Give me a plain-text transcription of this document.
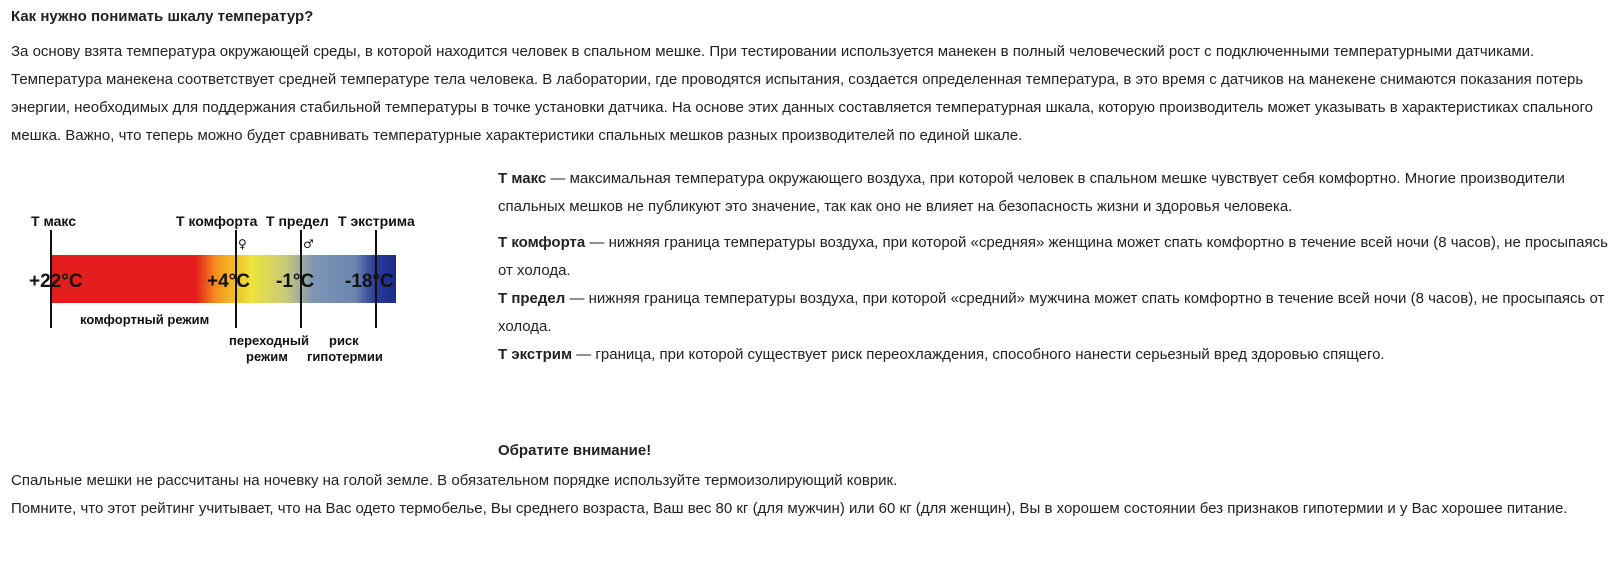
Как нужно понимать шкалу температур?

За основу взята температура окружающей среды, в которой находится человек в спальном мешке. При тестировании используется манекен в полный человеческий рост с подключенными температурными датчиками. Температура манекена соответствует средней температуре тела человека. В лаборатории, где проводятся испытания, создается определенная температура, в это время с датчиков на манекене снимаются показания потерь энергии, необходимых для поддержания стабильной температуры в точке установки датчика. На основе этих данных составляется температурная шкала, которую производитель может указывать в характеристиках спального мешка. Важно, что теперь можно будет сравнивать температурные характеристики спальных мешков разных производителей по единой шкале.

Т макс	Т комфорта Т предел Т экстрима
♀	♂
+22°C	+4°C -1°C -18°C
комфортный режим
переходный
режим
риск
гипотермии

Т макс — максимальная температура окружающего воздуха, при которой человек в спальном мешке чувствует себя комфортно. Многие производители спальных мешков не публикуют это значение, так как оно не влияет на безопасность жизни и здоровья человека.

Т комфорта — нижняя граница температуры воздуха, при которой «средняя» женщина может спать комфортно в течение всей ночи (8 часов), не просыпаясь от холода.

Т предел — нижняя граница температуры воздуха, при которой «средний» мужчина может спать комфортно в течение всей ночи (8 часов), не просыпаясь от холода.

Т экстрим — граница, при которой существует риск переохлаждения, способного нанести серьезный вред здоровью спящего.

Обратите внимание!

Спальные мешки не рассчитаны на ночевку на голой земле. В обязательном порядке используйте термоизолирующий коврик.

Помните, что этот рейтинг учитывает, что на Вас одето термобелье, Вы среднего возраста, Ваш вес 80 кг (для мужчин) или 60 кг (для женщин), Вы в хорошем состоянии без признаков гипотермии и у Вас хорошее питание.
